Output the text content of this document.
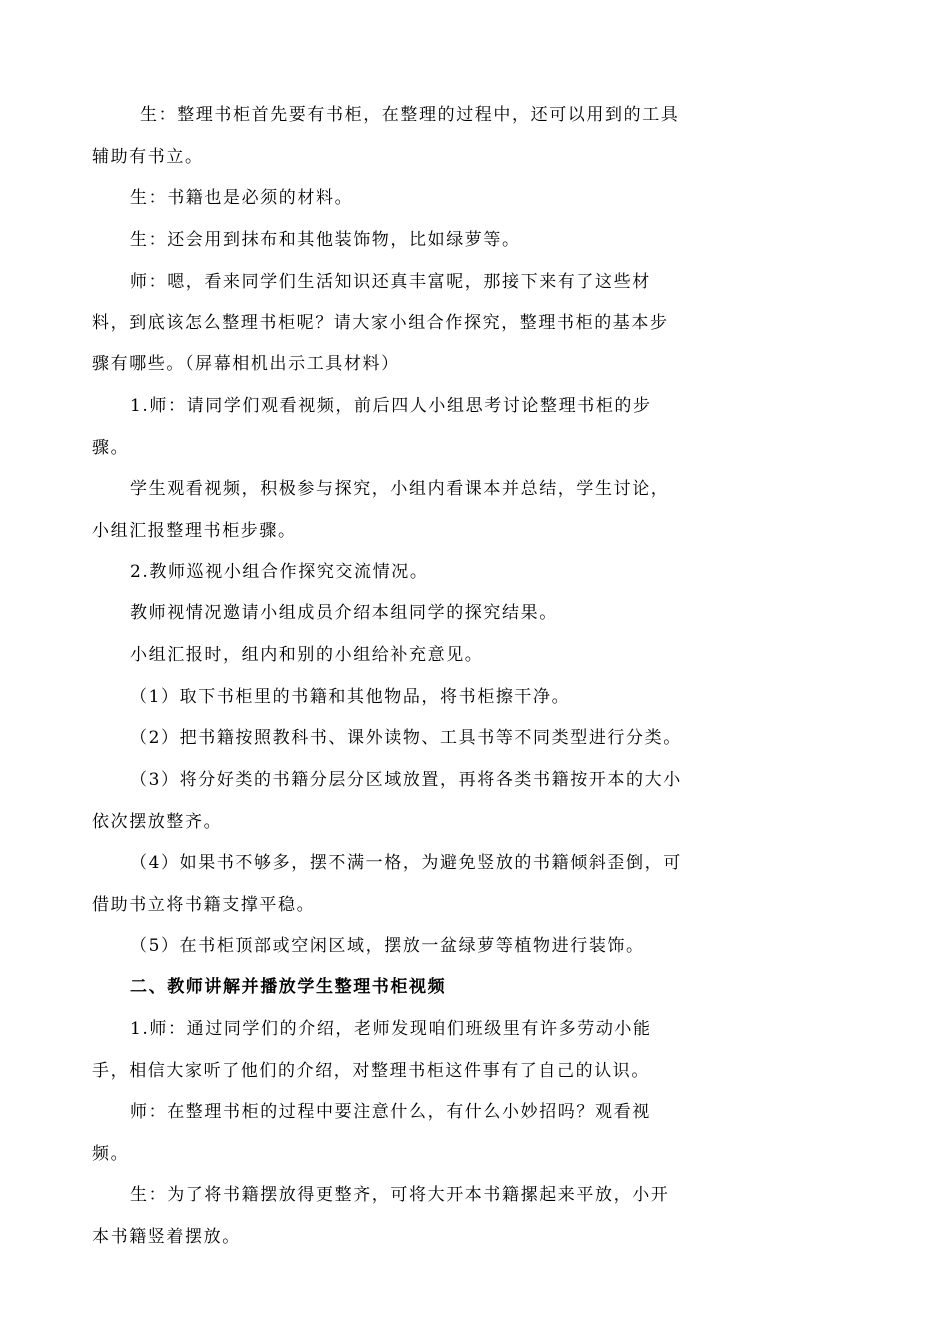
生：整理书柜首先要有书柜，在整理的过程中，还可以用到的工具
辅助有书立。
生：书籍也是必须的材料。
生：还会用到抹布和其他装饰物，比如绿萝等。
师：嗯，看来同学们生活知识还真丰富呢，那接下来有了这些材
料，到底该怎么整理书柜呢？请大家小组合作探究，整理书柜的基本步
骤有哪些。（屏幕相机出示工具材料）
1.师：请同学们观看视频，前后四人小组思考讨论整理书柜的步
骤。
学生观看视频，积极参与探究，小组内看课本并总结，学生讨论，
小组汇报整理书柜步骤。
2.教师巡视小组合作探究交流情况。
教师视情况邀请小组成员介绍本组同学的探究结果。
小组汇报时，组内和别的小组给补充意见。
（1）取下书柜里的书籍和其他物品，将书柜擦干净。
（2）把书籍按照教科书、课外读物、工具书等不同类型进行分类。
（3）将分好类的书籍分层分区域放置，再将各类书籍按开本的大小
依次摆放整齐。
（4）如果书不够多，摆不满一格，为避免竖放的书籍倾斜歪倒，可
借助书立将书籍支撑平稳。
（5）在书柜顶部或空闲区域，摆放一盆绿萝等植物进行装饰。
二、教师讲解并播放学生整理书柜视频
1.师：通过同学们的介绍，老师发现咱们班级里有许多劳动小能
手，相信大家听了他们的介绍，对整理书柜这件事有了自己的认识。
师：在整理书柜的过程中要注意什么，有什么小妙招吗？观看视
频。
生：为了将书籍摆放得更整齐，可将大开本书籍摞起来平放，小开
本书籍竖着摆放。
